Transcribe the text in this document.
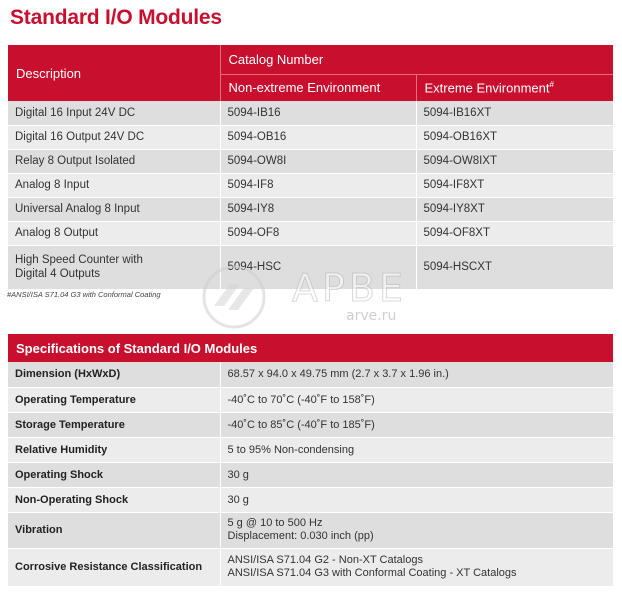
Standard I/O Modules
Description	Catalog Number	
	Non-extreme Environment	Extreme Environment#
Digital 16 Input 24V DC	5094-IB16	5094-IB16XT
Digital 16 Output 24V DC	5094-OB16	5094-OB16XT
Relay 8 Output Isolated	5094-OW8I	5094-OW8IXT
Analog 8 Input	5094-IF8	5094-IF8XT
Universal Analog 8 Input	5094-IY8	5094-IY8XT
Analog 8 Output	5094-OF8	5094-OF8XT

High Speed Counter with
Digital 4 Outputs	5094-HSC	5094-HSCXT
#ANSI/ISA S71.04 G3 with Conformal Coating	АРВЕ
arve.ru
Specifications of Standard I/O Modules	
Dimension (HxWxD)	68.57 x 94.0 x 49.75 mm (2.7 x 3.7 x 1.96 in.)
Operating Temperature	-40˚C to 70˚C (-40˚F to 158˚F)
Storage Temperature	-40˚C to 85˚C (-40˚F to 185˚F)
Relative Humidity	5 to 95% Non-condensing
Operating Shock	30 g
Non-Operating Shock	30 g
Vibration	5 g @ 10 to 500 Hz
Displacement: 0.030 inch (pp)

Corrosive Resistance Classification	ANSI/ISA S71.04 G2 - Non-XT Catalogs
ANSI/ISA S71.04 G3 with Conformal Coating - XT Catalogs
